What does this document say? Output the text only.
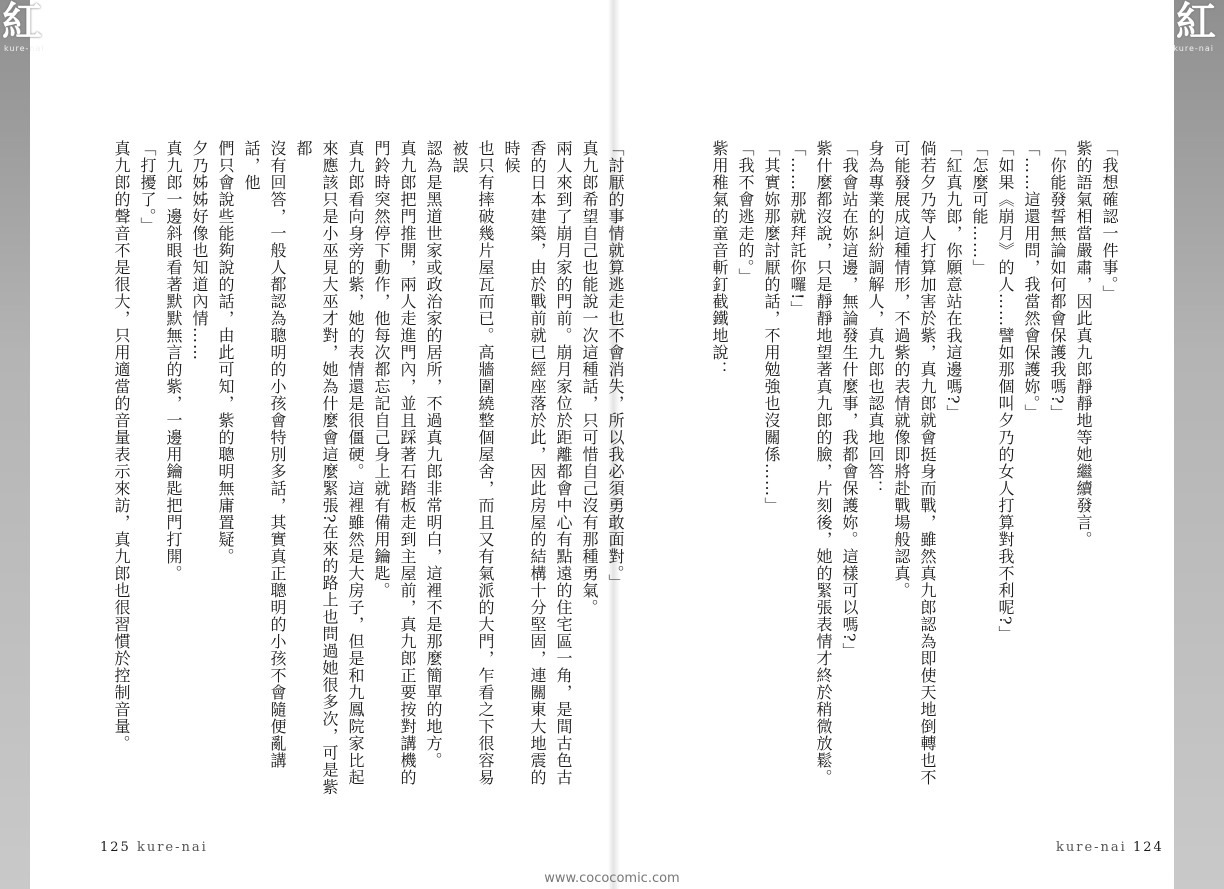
紅
kure-nai
紅
kure-nai
「討厭的事情就算逃走也不會消失，所以我必須勇敢面對。」
真九郎希望自己也能說一次這種話，只可惜自己沒有那種勇氣。
兩人來到了崩月家的門前。崩月家位於距離都會中心有點遠的住宅區一角，是間古色古
香的日本建築，由於戰前就已經座落於此，因此房屋的結構十分堅固，連關東大地震的時候
也只有摔破幾片屋瓦而已。高牆圍繞整個屋舍，而且又有氣派的大門，乍看之下很容易被誤
認為是黑道世家或政治家的居所，不過真九郎非常明白，這裡不是那麼簡單的地方。
真九郎把門推開，兩人走進門內，並且踩著石踏板走到主屋前，真九郎正要按對講機的
門鈴時突然停下動作，他每次都忘記自己身上就有備用鑰匙。
真九郎看向身旁的紫，她的表情還是很僵硬。這裡雖然是大房子，但是和九鳳院家比起
來應該只是小巫見大巫才對，她為什麼會這麼緊張?在來的路上也問過她很多次，可是紫都
沒有回答，一般人都認為聰明的小孩會特別多話，其實真正聰明的小孩不會隨便亂講話，他
們只會說些能夠說的話，由此可知，紫的聰明無庸置疑。
夕乃姊姊好像也知道內情……
真九郎一邊斜眼看著默默無言的紫，一邊用鑰匙把門打開。
「打擾了。」
真九郎的聲音不是很大，只用適當的音量表示來訪，真九郎也很習慣於控制音量。	「我想確認一件事。」
紫的語氣相當嚴肅，因此真九郎靜靜地等她繼續發言。
「你能發誓無論如何都會保護我嗎?」
「……這還用問，我當然會保護妳。」
「如果《崩月》的人……譬如那個叫夕乃的女人打算對我不利呢?」
「怎麼可能……」
「紅真九郎，你願意站在我這邊嗎?」
倘若夕乃等人打算加害於紫，真九郎就會挺身而戰，雖然真九郎認為即使天地倒轉也不
可能發展成這種情形，不過紫的表情就像即將赴戰場般認真。
身為專業的糾紛調解人，真九郎也認真地回答：
「我會站在妳這邊，無論發生什麼事，我都會保護妳。這樣可以嗎?」
紫什麼都沒說，只是靜靜地望著真九郎的臉，片刻後，她的緊張表情才終於稍微放鬆。
「……那就拜託你囉!」
「其實妳那麼討厭的話，不用勉強也沒關係……」
「我不會逃走的。」
紫用稚氣的童音斬釘截鐵地說：
125 kure-nai	kure-nai 124
www.cococomic.com
